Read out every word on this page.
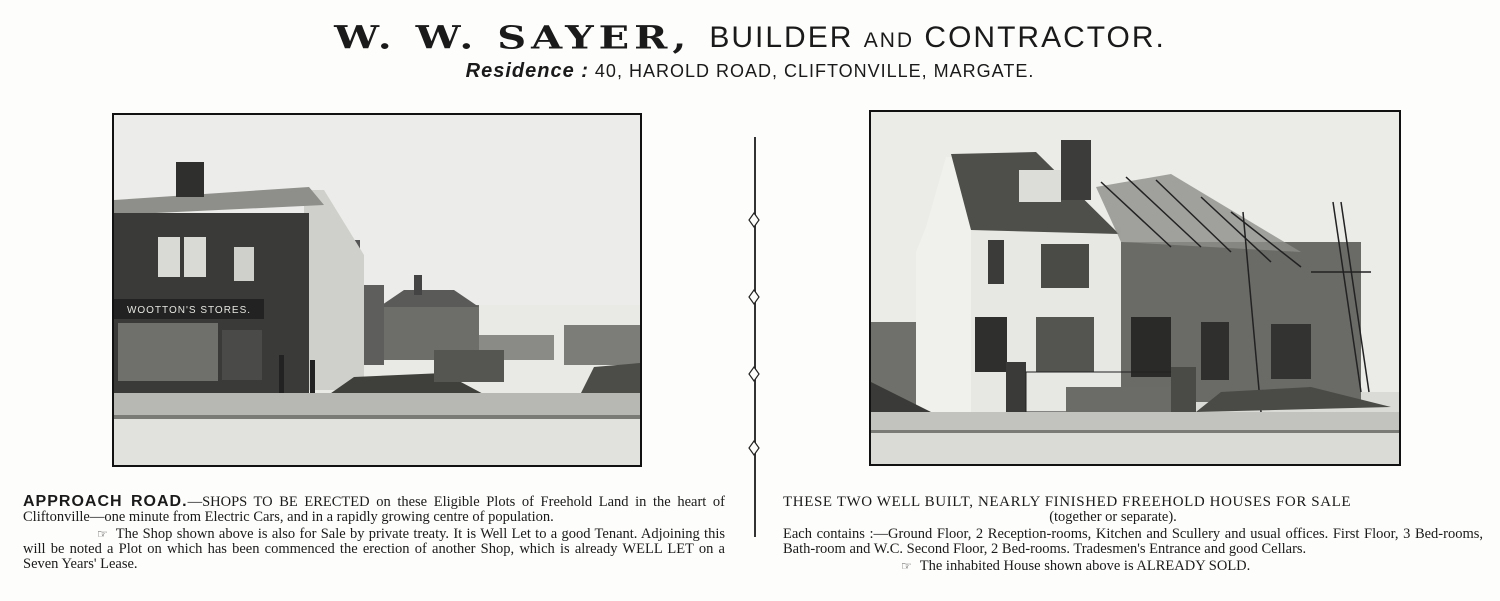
W. W. SAYER, BUILDER AND CONTRACTOR.
Residence : 40, HAROLD ROAD, CLIFTONVILLE, MARGATE.
WOOTTON'S STORES.

APPROACH ROAD.—SHOPS TO BE ERECTED on these Eligible Plots of Freehold Land in the heart of Cliftonville—one minute from Electric Cars, and in a rapidly growing centre of population.

☞ The Shop shown above is also for Sale by private treaty. It is Well Let to a good Tenant. Adjoining this will be noted a Plot on which has been commenced the erection of another Shop, which is already WELL LET on a Seven Years' Lease.

THESE TWO WELL BUILT, NEARLY FINISHED FREEHOLD HOUSES FOR SALE

(together or separate).

Each contains :—Ground Floor, 2 Reception-rooms, Kitchen and Scullery and usual offices. First Floor, 3 Bed-rooms, Bath-room and W.C. Second Floor, 2 Bed-rooms. Tradesmen's Entrance and good Cellars.

☞ The inhabited House shown above is ALREADY SOLD.
